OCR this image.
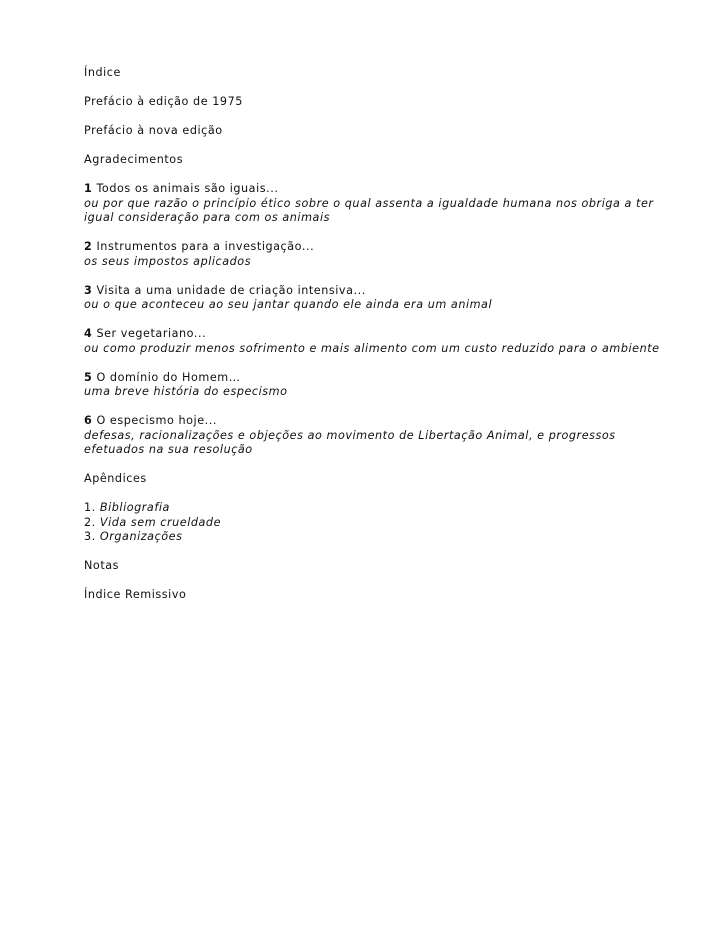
Índice

Prefácio à edição de 1975

Prefácio à nova edição

Agradecimentos

1 Todos os animais são iguais...
ou por que razão o princípio ético sobre o qual assenta a igualdade humana nos obriga a ter igual consideração para com os animais

2 Instrumentos para a investigação...
os seus impostos aplicados

3 Visita a uma unidade de criação intensiva...
ou o que aconteceu ao seu jantar quando ele ainda era um animal

4 Ser vegetariano...
ou como produzir menos sofrimento e mais alimento com um custo reduzido para o ambiente

5 O domínio do Homem…
uma breve história do especismo

6 O especismo hoje...
defesas, racionalizações e objeções ao movimento de Libertação Animal, e progressos efetuados na sua resolução

Apêndices

1. Bibliografia
2. Vida sem crueldade
3. Organizações

Notas

Índice Remissivo
